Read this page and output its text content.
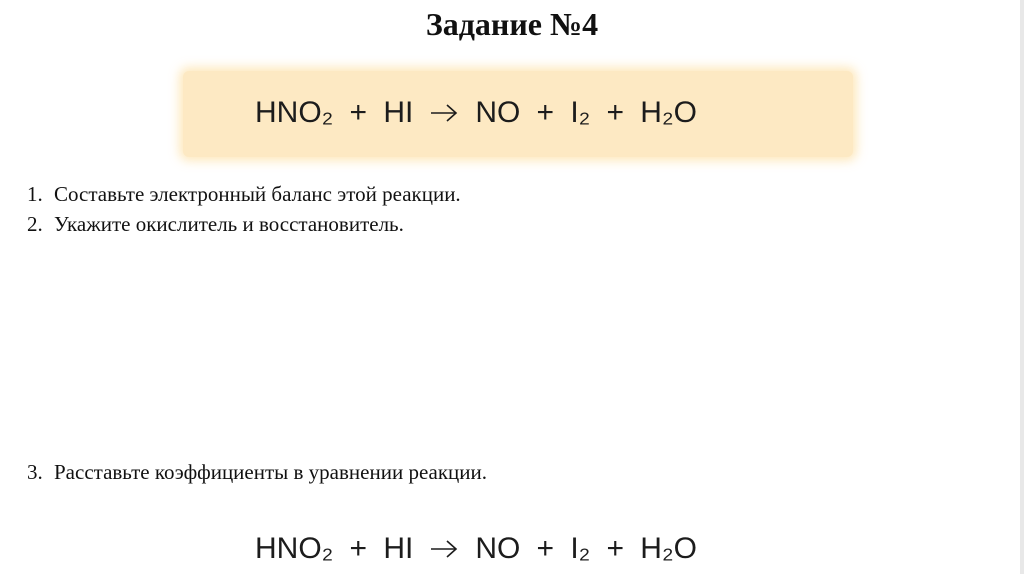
Задание №4
HNO₂ + HI NO + I₂ + H₂O
1. Составьте электронный баланс этой реакции.
2. Укажите окислитель и восстановитель.
3. Расставьте коэффициенты в уравнении реакции.
HNO₂ + HI NO + I₂ + H₂O
